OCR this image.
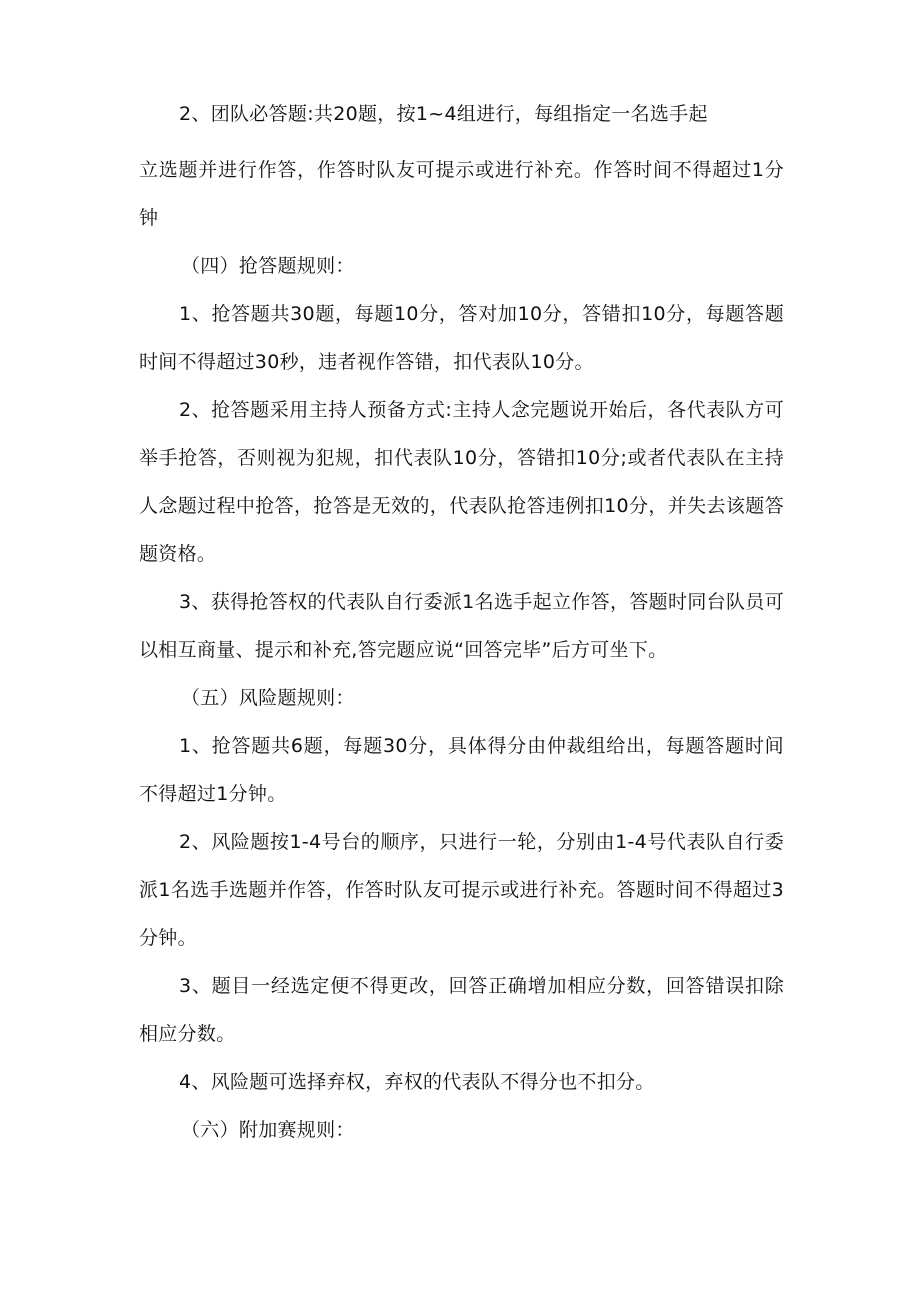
2、团队必答题:共20题，按1~4组进行，每组指定一名选手起

立选题并进行作答，作答时队友可提示或进行补充。作答时间不得超过1分钟

（四）抢答题规则：

1、抢答题共30题，每题10分，答对加10分，答错扣10分，每题答题时间不得超过30秒，违者视作答错，扣代表队10分。

2、抢答题采用主持人预备方式:主持人念完题说开始后，各代表队方可举手抢答，否则视为犯规，扣代表队10分，答错扣10分;或者代表队在主持人念题过程中抢答，抢答是无效的，代表队抢答违例扣10分，并失去该题答题资格。

3、获得抢答权的代表队自行委派1名选手起立作答，答题时同台队员可以相互商量、提示和补充,答完题应说“回答完毕”后方可坐下。

（五）风险题规则：

1、抢答题共6题，每题30分，具体得分由仲裁组给出，每题答题时间不得超过1分钟。

2、风险题按1-4号台的顺序，只进行一轮，分别由1-4号代表队自行委派1名选手选题并作答，作答时队友可提示或进行补充。答题时间不得超过3分钟。

3、题目一经选定便不得更改，回答正确增加相应分数，回答错误扣除相应分数。

4、风险题可选择弃权，弃权的代表队不得分也不扣分。

（六）附加赛规则：
